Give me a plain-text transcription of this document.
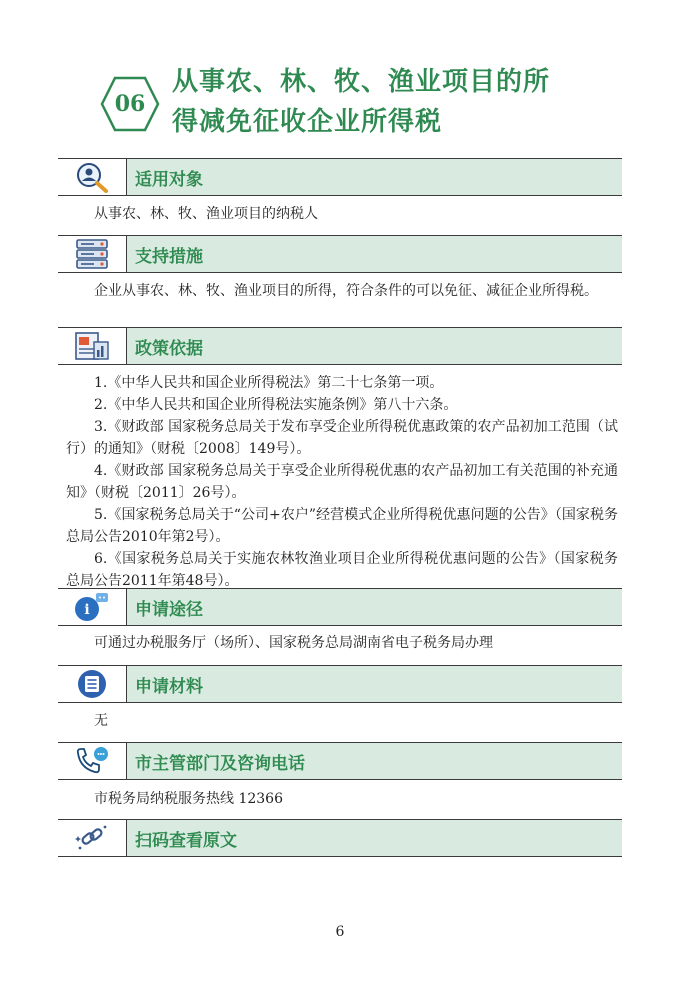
06
从事农、林、牧、渔业项目的所
得减免征收企业所得税
适用对象

从事农、林、牧、渔业项目的纳税人

支持措施

企业从事农、林、牧、渔业项目的所得，符合条件的可以免征、减征企业所得税。

政策依据

1.《中华人民共和国企业所得税法》第二十七条第一项。

2.《中华人民共和国企业所得税法实施条例》第八十六条。

3.《财政部 国家税务总局关于发布享受企业所得税优惠政策的农产品初加工范围（试行）的通知》（财税〔2008〕149号）。

4.《财政部 国家税务总局关于享受企业所得税优惠的农产品初加工有关范围的补充通知》（财税〔2011〕26号）。

5.《国家税务总局关于“公司+农户”经营模式企业所得税优惠问题的公告》（国家税务总局公告2010年第2号）。

6.《国家税务总局关于实施农林牧渔业项目企业所得税优惠问题的公告》（国家税务总局公告2011年第48号）。

i	申请途径

可通过办税服务厅（场所）、国家税务总局湖南省电子税务局办理

申请材料

无

市主管部门及咨询电话

市税务局纳税服务热线 12366

扫码查看原文
6
